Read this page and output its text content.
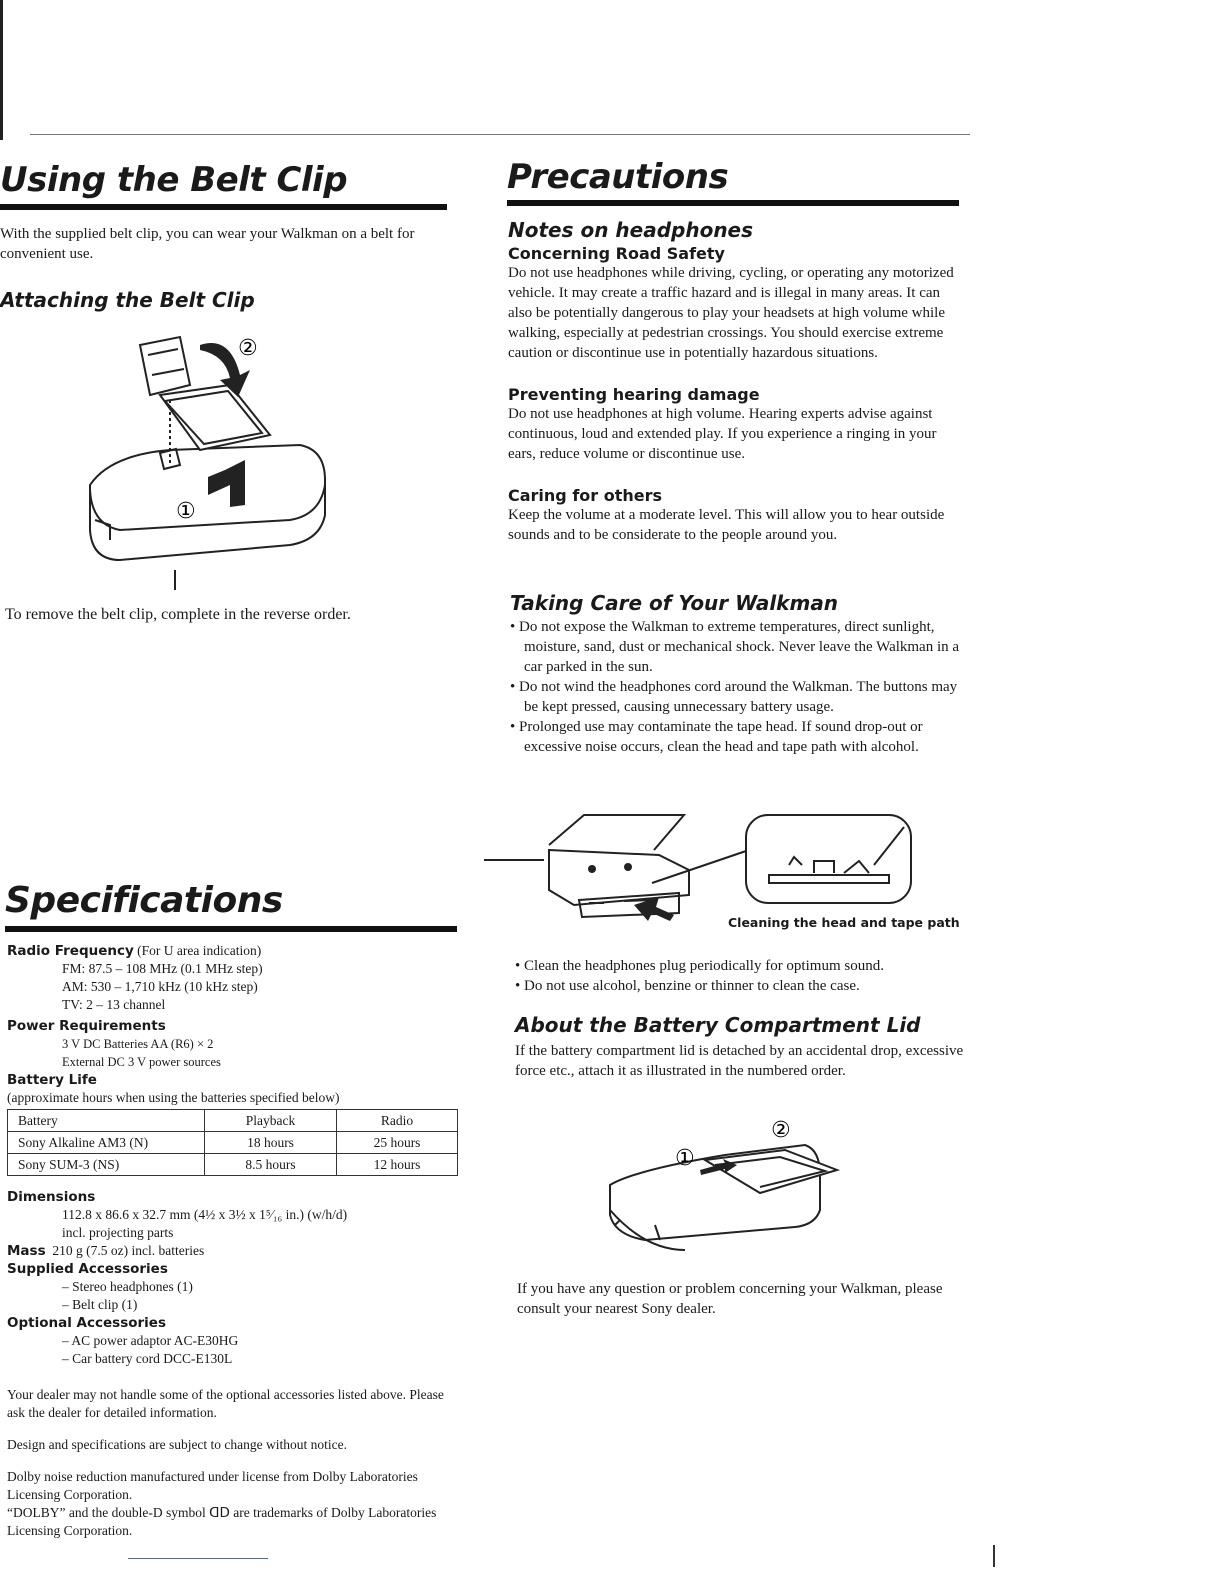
Using the Belt Clip

With the supplied belt clip, you can wear your Walkman on a belt for convenient use.

Attaching the Belt Clip
②
①

To remove the belt clip, complete in the reverse order.

Specifications
Radio Frequency (For U area indication)
FM: 87.5 – 108 MHz (0.1 MHz step)
AM: 530 – 1,710 kHz (10 kHz step)
TV: 2 – 13 channel
Power Requirements
3 V DC Batteries AA (R6) × 2
External DC 3 V power sources
Battery Life
(approximate hours when using the batteries specified below)
Battery	Playback	Radio
Sony Alkaline AM3 (N)	18 hours	25 hours
Sony SUM-3 (NS)	8.5 hours	12 hours
Dimensions
112.8 x 86.6 x 32.7 mm (4½ x 3½ x 1⁵⁄₁₆ in.) (w/h/d)
incl. projecting parts
Mass 210 g (7.5 oz) incl. batteries
Supplied Accessories
– Stereo headphones (1)
– Belt clip (1)
Optional Accessories
– AC power adaptor AC-E30HG
– Car battery cord DCC-E130L

Your dealer may not handle some of the optional accessories listed above. Please ask the dealer for detailed information.

Design and specifications are subject to change without notice.

Dolby noise reduction manufactured under license from Dolby Laboratories Licensing Corporation.

“DOLBY” and the double-D symbol ᗡᗞ are trademarks of Dolby Laboratories Licensing Corporation.

Precautions
Notes on headphones
Concerning Road Safety

Do not use headphones while driving, cycling, or operating any motorized vehicle. It may create a traffic hazard and is illegal in many areas. It can also be potentially dangerous to play your headsets at high volume while walking, especially at pedestrian crossings. You should exercise extreme caution or discontinue use in potentially hazardous situations.

Preventing hearing damage

Do not use headphones at high volume. Hearing experts advise against continuous, loud and extended play. If you experience a ringing in your ears, reduce volume or discontinue use.

Caring for others

Keep the volume at a moderate level. This will allow you to hear outside sounds and to be considerate to the people around you.

Taking Care of Your Walkman
• Do not expose the Walkman to extreme temperatures, direct sunlight, moisture, sand, dust or mechanical shock. Never leave the Walkman in a car parked in the sun.
• Do not wind the headphones cord around the Walkman. The buttons may be kept pressed, causing unnecessary battery usage.
• Prolonged use may contaminate the tape head. If sound drop-out or excessive noise occurs, clean the head and tape path with alcohol.
Cleaning the head and tape path
• Clean the headphones plug periodically for optimum sound.
• Do not use alcohol, benzine or thinner to clean the case.
About the Battery Compartment Lid

If the battery compartment lid is detached by an accidental drop, excessive force etc., attach it as illustrated in the numbered order.

①
②

If you have any question or problem concerning your Walkman, please consult your nearest Sony dealer.
